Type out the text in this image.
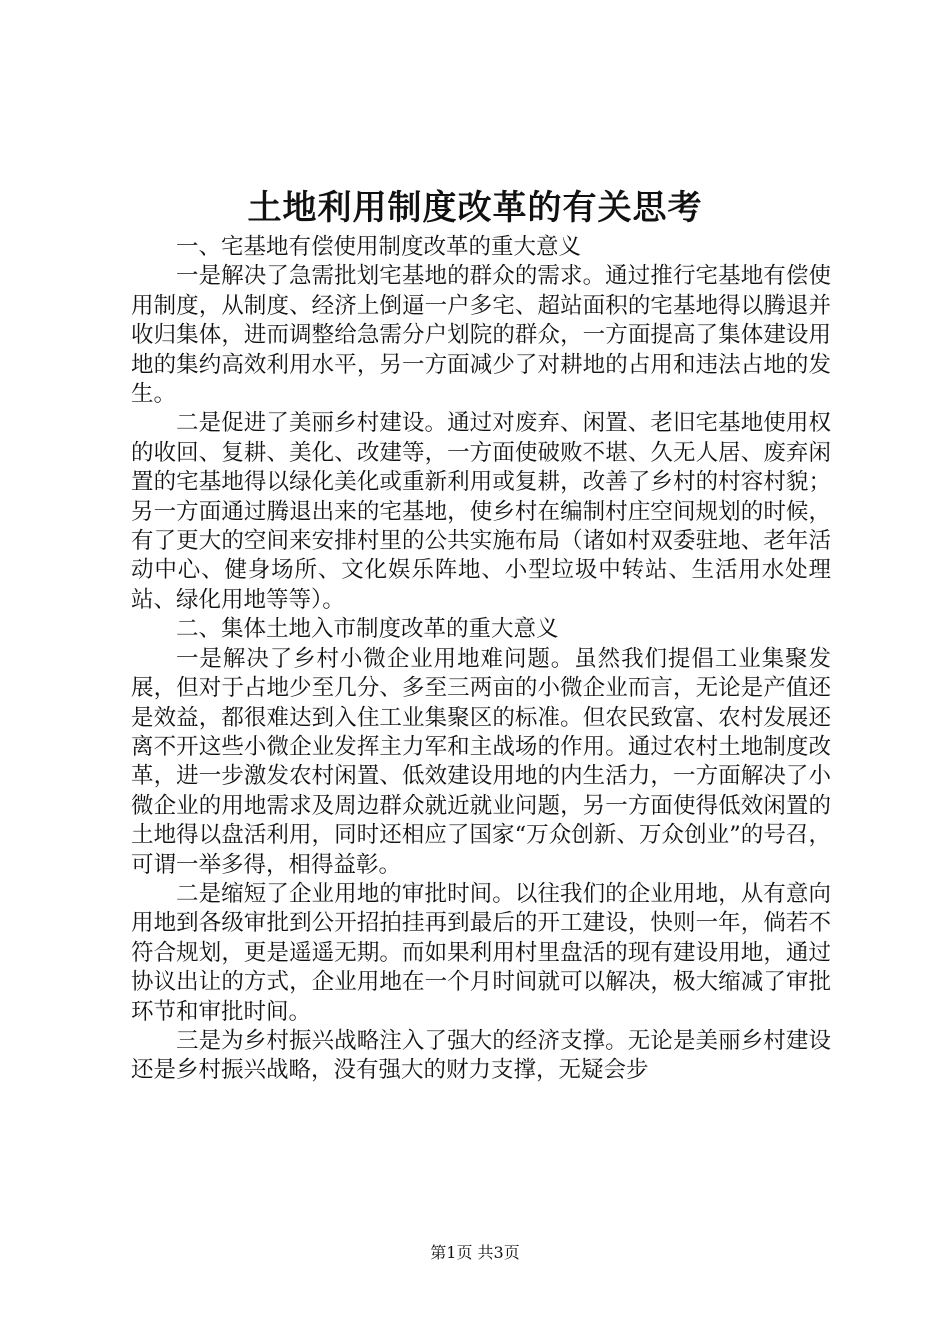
土地利用制度改革的有关思考

一、宅基地有偿使用制度改革的重大意义

一是解决了急需批划宅基地的群众的需求。通过推行宅基地有偿使用制度，从制度、经济上倒逼一户多宅、超站面积的宅基地得以腾退并收归集体，进而调整给急需分户划院的群众，一方面提高了集体建设用地的集约高效利用水平，另一方面减少了对耕地的占用和违法占地的发生。

二是促进了美丽乡村建设。通过对废弃、闲置、老旧宅基地使用权的收回、复耕、美化、改建等，一方面使破败不堪、久无人居、废弃闲置的宅基地得以绿化美化或重新利用或复耕，改善了乡村的村容村貌；另一方面通过腾退出来的宅基地，使乡村在编制村庄空间规划的时候，有了更大的空间来安排村里的公共实施布局（诸如村双委驻地、老年活动中心、健身场所、文化娱乐阵地、小型垃圾中转站、生活用水处理站、绿化用地等等）。

二、集体土地入市制度改革的重大意义

一是解决了乡村小微企业用地难问题。虽然我们提倡工业集聚发展，但对于占地少至几分、多至三两亩的小微企业而言，无论是产值还是效益，都很难达到入住工业集聚区的标准。但农民致富、农村发展还离不开这些小微企业发挥主力军和主战场的作用。通过农村土地制度改革，进一步激发农村闲置、低效建设用地的内生活力，一方面解决了小微企业的用地需求及周边群众就近就业问题，另一方面使得低效闲置的土地得以盘活利用，同时还相应了国家“万众创新、万众创业”的号召，可谓一举多得，相得益彰。

二是缩短了企业用地的审批时间。以往我们的企业用地，从有意向用地到各级审批到公开招拍挂再到最后的开工建设，快则一年，倘若不符合规划，更是遥遥无期。而如果利用村里盘活的现有建设用地，通过协议出让的方式，企业用地在一个月时间就可以解决，极大缩减了审批环节和审批时间。

三是为乡村振兴战略注入了强大的经济支撑。无论是美丽乡村建设还是乡村振兴战略，没有强大的财力支撑，无疑会步

第1页 共3页
